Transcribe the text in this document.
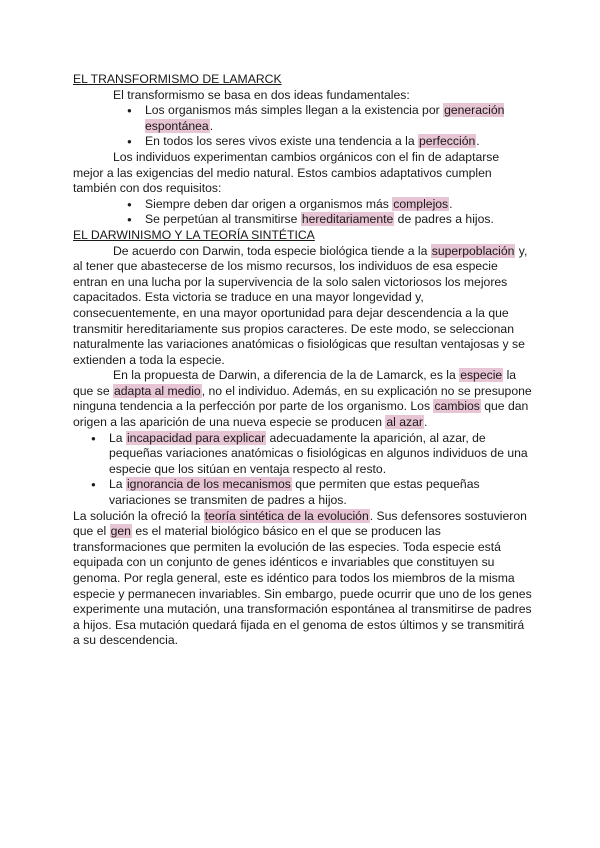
EL TRANSFORMISMO DE LAMARCK

El transformismo se basa en dos ideas fundamentales:

● Los organismos más simples llegan a la existencia por generación espontánea.
● En todos los seres vivos existe una tendencia a la perfección.

Los individuos experimentan cambios orgánicos con el fin de adaptarse mejor a las exigencias del medio natural. Estos cambios adaptativos cumplen también con dos requisitos:

● Siempre deben dar origen a organismos más complejos.
● Se perpetúan al transmitirse hereditariamente de padres a hijos.

EL DARWINISMO Y LA TEORÍA SINTÉTICA

De acuerdo con Darwin, toda especie biológica tiende a la superpoblación y, al tener que abastecerse de los mismo recursos, los individuos de esa especie entran en una lucha por la supervivencia de la solo salen victoriosos los mejores capacitados. Esta victoria se traduce en una mayor longevidad y, consecuentemente, en una mayor oportunidad para dejar descendencia a la que transmitir hereditariamente sus propios caracteres. De este modo, se seleccionan naturalmente las variaciones anatómicas o fisiológicas que resultan ventajosas y se extienden a toda la especie.

En la propuesta de Darwin, a diferencia de la de Lamarck, es la especie la que se adapta al medio, no el individuo. Además, en su explicación no se presupone ninguna tendencia a la perfección por parte de los organismo. Los cambios que dan origen a las aparición de una nueva especie se producen al azar.

● La incapacidad para explicar adecuadamente la aparición, al azar, de pequeñas variaciones anatómicas o fisiológicas en algunos individuos de una especie que los sitúan en ventaja respecto al resto.
● La ignorancia de los mecanismos que permiten que estas pequeñas variaciones se transmiten de padres a hijos.

La solución la ofreció la teoría sintética de la evolución. Sus defensores sostuvieron que el gen es el material biológico básico en el que se producen las transformaciones que permiten la evolución de las especies. Toda especie está equipada con un conjunto de genes idénticos e invariables que constituyen su genoma. Por regla general, este es idéntico para todos los miembros de la misma especie y permanecen invariables. Sin embargo, puede ocurrir que uno de los genes experimente una mutación, una transformación espontánea al transmitirse de padres a hijos. Esa mutación quedará fijada en el genoma de estos últimos y se transmitirá a su descendencia.
